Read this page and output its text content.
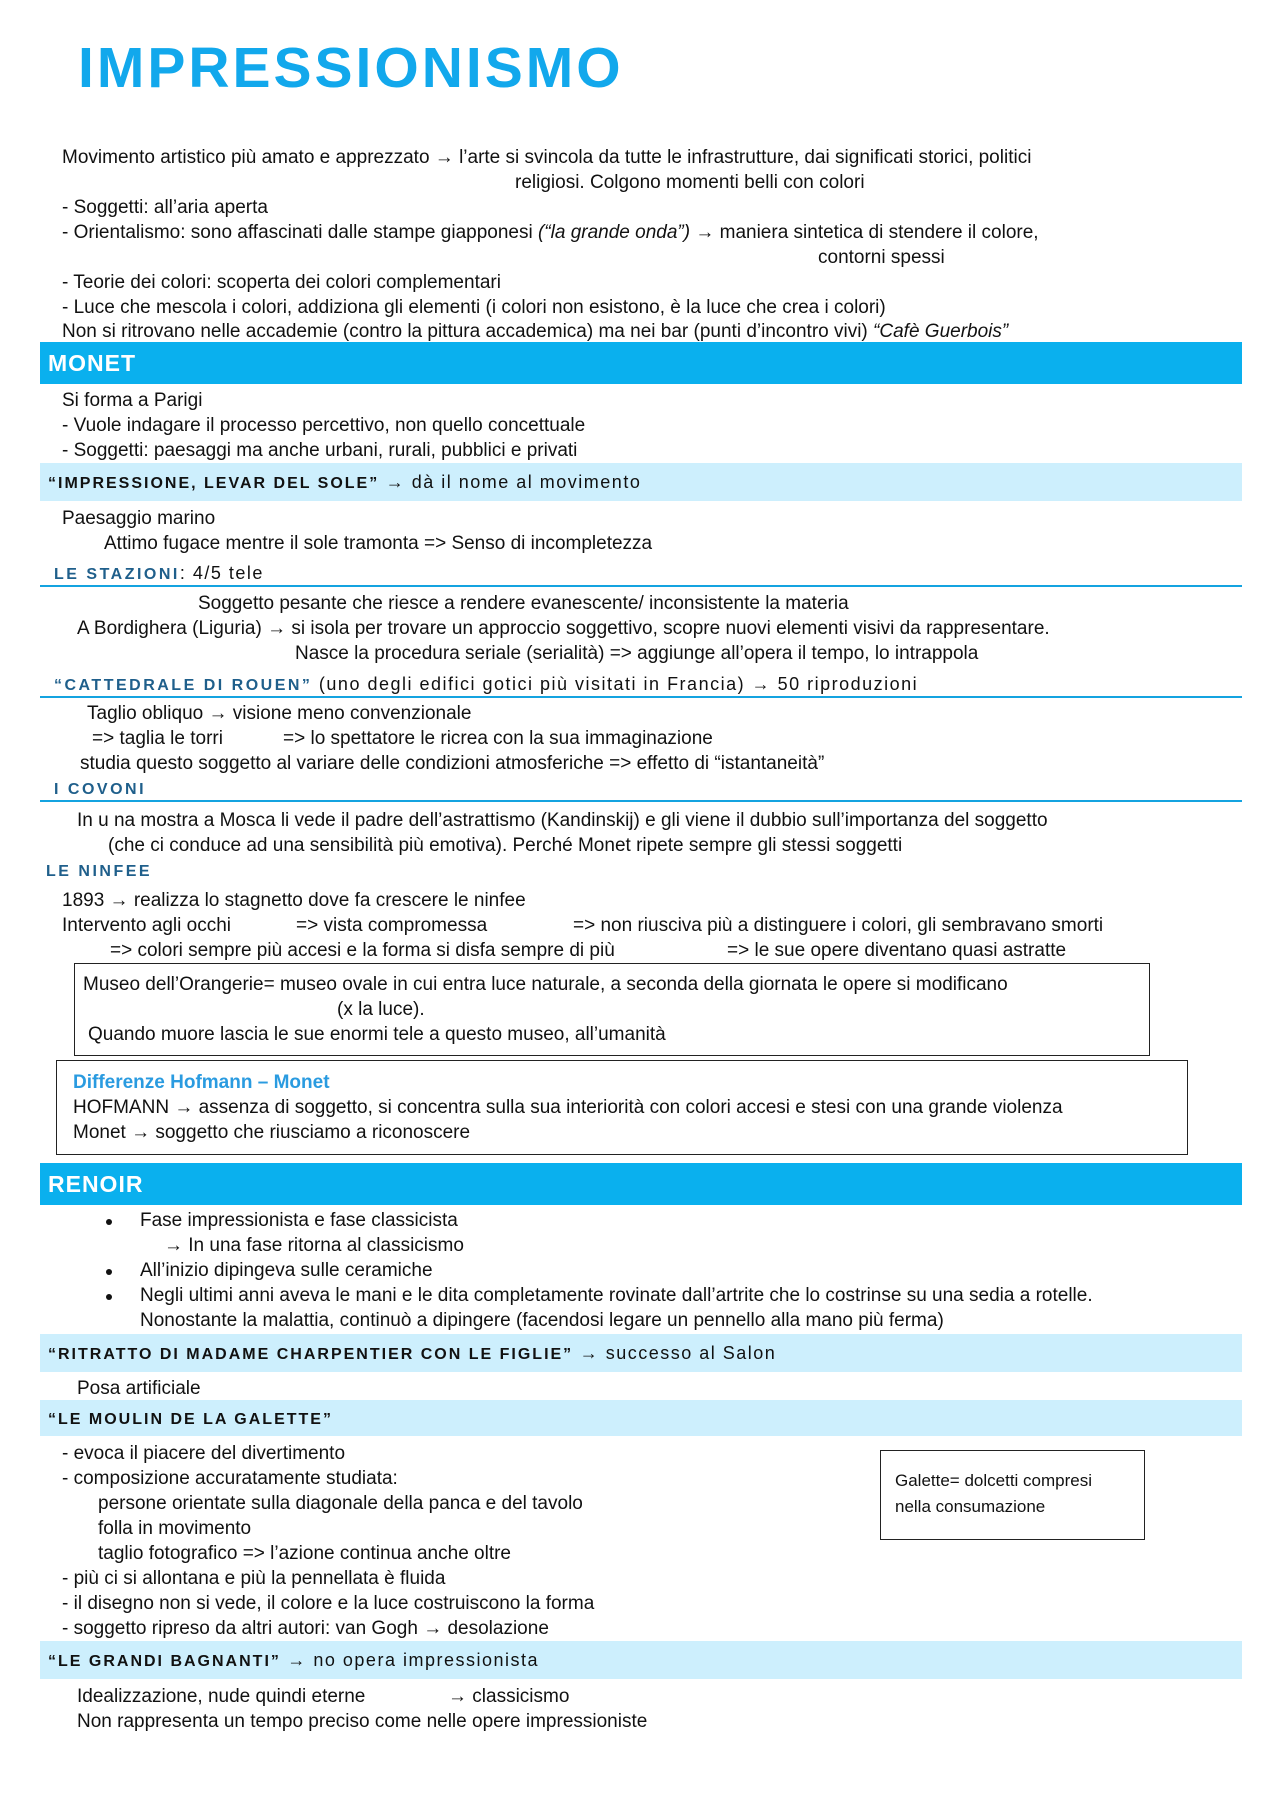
IMPRESSIONISMO
Movimento artistico più amato e apprezzato → l’arte si svincola da tutte le infrastrutture, dai significati storici, politici
religiosi. Colgono momenti belli con colori
- Soggetti: all’aria aperta
- Orientalismo: sono affascinati dalle stampe giapponesi (“la grande onda”) → maniera sintetica di stendere il colore,
contorni spessi
- Teorie dei colori: scoperta dei colori complementari
- Luce che mescola i colori, addiziona gli elementi (i colori non esistono, è la luce che crea i colori)
Non si ritrovano nelle accademie (contro la pittura accademica) ma nei bar (punti d’incontro vivi) “Cafè Guerbois”
MONET
Si forma a Parigi
- Vuole indagare il processo percettivo, non quello concettuale
- Soggetti: paesaggi ma anche urbani, rurali, pubblici e privati
“IMPRESSIONE, LEVAR DEL SOLE” → dà il nome al movimento
Paesaggio marino
Attimo fugace mentre il sole tramonta => Senso di incompletezza
LE STAZIONI: 4/5 tele
Soggetto pesante che riesce a rendere evanescente/ inconsistente la materia
A Bordighera (Liguria) → si isola per trovare un approccio soggettivo, scopre nuovi elementi visivi da rappresentare.
Nasce la procedura seriale (serialità) => aggiunge all’opera il tempo, lo intrappola
“CATTEDRALE DI ROUEN” (uno degli edifici gotici più visitati in Francia) → 50 riproduzioni
Taglio obliquo → visione meno convenzionale
=> taglia le torri	=> lo spettatore le ricrea con la sua immaginazione
studia questo soggetto al variare delle condizioni atmosferiche => effetto di “istantaneità”
I COVONI
In u na mostra a Mosca li vede il padre dell’astrattismo (Kandinskij) e gli viene il dubbio sull’importanza del soggetto
(che ci conduce ad una sensibilità più emotiva). Perché Monet ripete sempre gli stessi soggetti
LE NINFEE
1893 → realizza lo stagnetto dove fa crescere le ninfee
Intervento agli occhi	=> vista compromessa	=> non riusciva più a distinguere i colori, gli sembravano smorti
=> colori sempre più accesi e la forma si disfa sempre di più	=> le sue opere diventano quasi astratte
Museo dell’Orangerie= museo ovale in cui entra luce naturale, a seconda della giornata le opere si modificano
(x la luce).
Quando muore lascia le sue enormi tele a questo museo, all’umanità
Differenze Hofmann – Monet
HOFMANN → assenza di soggetto, si concentra sulla sua interiorità con colori accesi e stesi con una grande violenza
Monet → soggetto che riusciamo a riconoscere
RENOIR
Fase impressionista e fase classicista
→ In una fase ritorna al classicismo
All’inizio dipingeva sulle ceramiche
Negli ultimi anni aveva le mani e le dita completamente rovinate dall’artrite che lo costrinse su una sedia a rotelle.
Nonostante la malattia, continuò a dipingere (facendosi legare un pennello alla mano più ferma)
“RITRATTO DI MADAME CHARPENTIER CON LE FIGLIE” → successo al Salon
Posa artificiale
“LE MOULIN DE LA GALETTE”
- evoca il piacere del divertimento
- composizione accuratamente studiata:
persone orientate sulla diagonale della panca e del tavolo
folla in movimento
taglio fotografico => l’azione continua anche oltre
- più ci si allontana e più la pennellata è fluida
- il disegno non si vede, il colore e la luce costruiscono la forma
- soggetto ripreso da altri autori: van Gogh → desolazione
Galette= dolcetti compresi
nella consumazione
“LE GRANDI BAGNANTI” → no opera impressionista
Idealizzazione, nude quindi eterne	→ classicismo
Non rappresenta un tempo preciso come nelle opere impressioniste
